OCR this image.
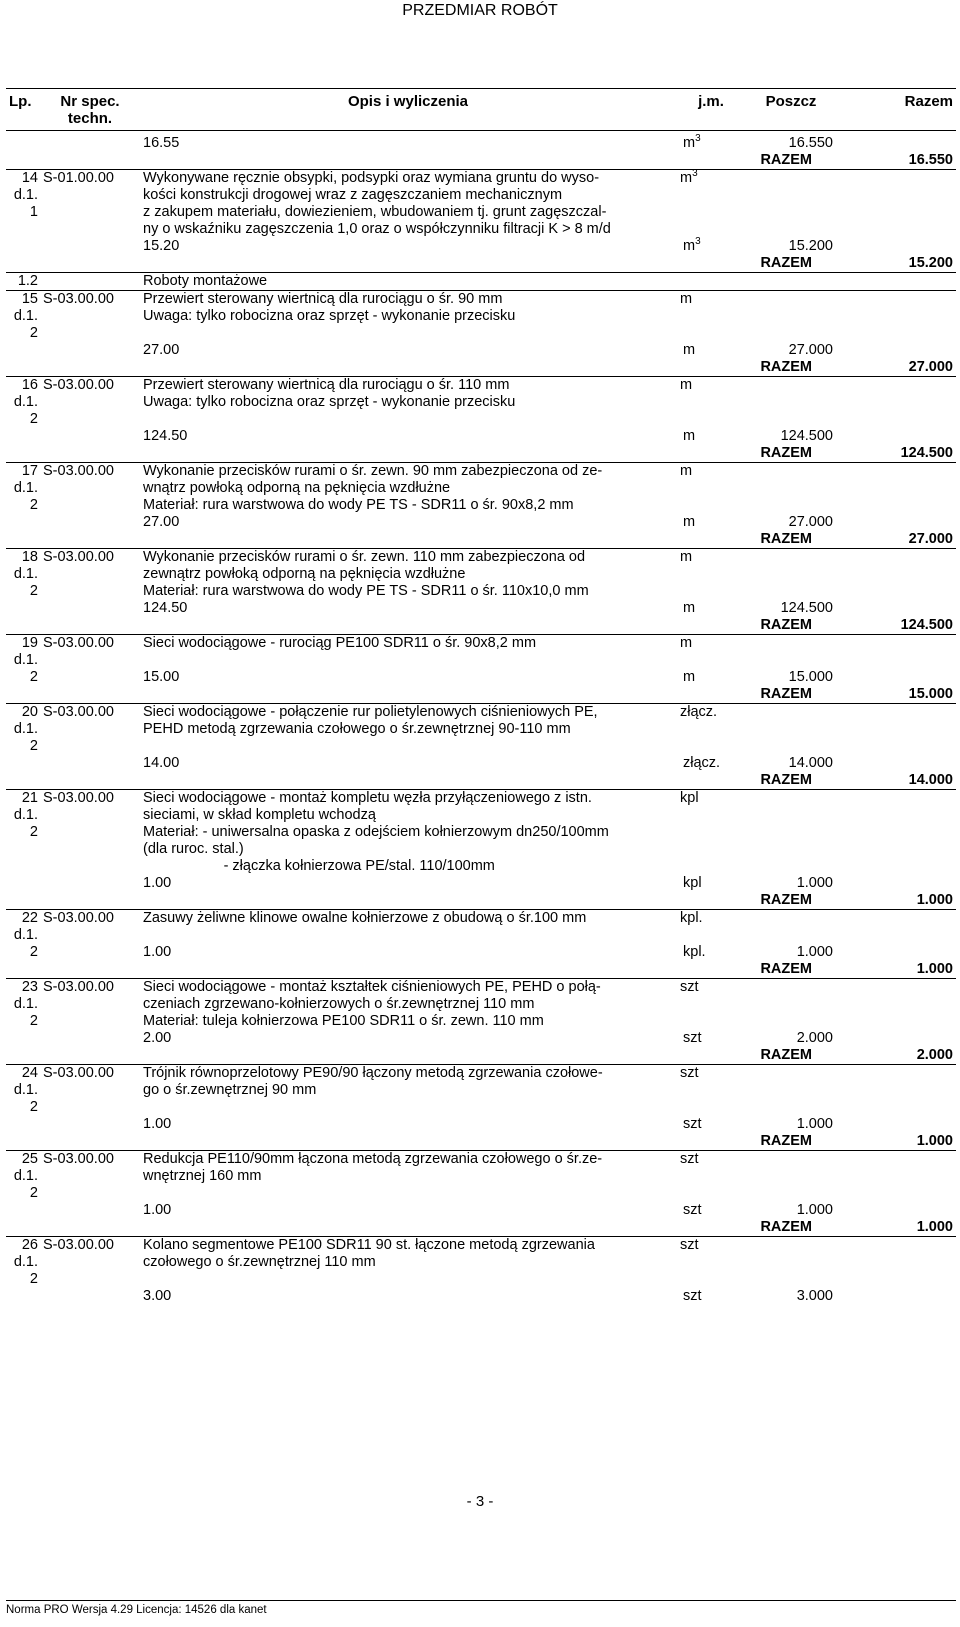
PRZEDMIAR ROBÓT
Lp.	Nr spec. techn.	Opis i wyliczenia	j.m.	Poszcz	Razem

		16.55 $m^3$		16.550	
			RAZEM		16.550
14
d.1.
1	S-01.00.00	Wykonywane ręcznie obsypki, podsypki oraz wymiana gruntu do wyso-	$m^3$		
		kości konstrukcji drogowej wraz z zagęszczaniem mechanicznym			
		z zakupem materiału, dowiezieniem, wbudowaniem tj. grunt zagęszczal-			
		ny o wskaźniku zagęszczenia 1,0 oraz o współczynniku filtracji K > 8 m/d			

		15.20 $m^3$		15.200	
			RAZEM		15.200
1.2		Roboty montażowe			
15
d.1.
2	S-03.00.00	Przewiert sterowany wiertnicą dla rurociągu o śr. 90 mm	m		
		Uwaga: tylko robocizna oraz sprzęt - wykonanie przecisku			

		27.00 m		27.000	
			RAZEM		27.000
16
d.1.
2	S-03.00.00	Przewiert sterowany wiertnicą dla rurociągu o śr. 110 mm	m		
		Uwaga: tylko robocizna oraz sprzęt - wykonanie przecisku			

		124.50 m		124.500	
			RAZEM		124.500
17
d.1.
2	S-03.00.00	Wykonanie przecisków rurami o śr. zewn. 90 mm zabezpieczona od ze-	m		
		wnątrz powłoką odporną na pęknięcia wzdłużne			
		Materiał: rura warstwowa do wody PE TS - SDR11 o śr. 90x8,2 mm			

		27.00 m		27.000	
			RAZEM		27.000
18
d.1.
2	S-03.00.00	Wykonanie przecisków rurami o śr. zewn. 110 mm zabezpieczona od	m		
		zewnątrz powłoką odporną na pęknięcia wzdłużne			
		Materiał: rura warstwowa do wody PE TS - SDR11 o śr. 110x10,0 mm			

		124.50 m		124.500	
			RAZEM		124.500
19
d.1.
2	S-03.00.00	Sieci wodociągowe - rurociąg PE100 SDR11 o śr. 90x8,2 mm	m		

		15.00 m		15.000	
			RAZEM		15.000
20
d.1.
2	S-03.00.00	Sieci wodociągowe - połączenie rur polietylenowych ciśnieniowych PE,	złącz.		
		PEHD metodą zgrzewania czołowego o śr.zewnętrznej 90-110 mm			

		14.00 złącz.		14.000	
			RAZEM		14.000
21
d.1.
2	S-03.00.00	Sieci wodociągowe - montaż kompletu węzła przyłączeniowego z istn.	kpl		
		sieciami, w skład kompletu wchodzą			
		Materiał: - uniwersalna opaska z odejściem kołnierzowym dn250/100mm			
		(dla ruroc. stal.)			
		- złączka kołnierzowa PE/stal. 110/100mm			

		1.00 kpl		1.000	
			RAZEM		1.000
22
d.1.
2	S-03.00.00	Zasuwy żeliwne klinowe owalne kołnierzowe z obudową o śr.100 mm	kpl.		

		1.00 kpl.		1.000	
			RAZEM		1.000
23
d.1.
2	S-03.00.00	Sieci wodociągowe - montaż kształtek ciśnieniowych PE, PEHD o połą-	szt		
		czeniach zgrzewano-kołnierzowych o śr.zewnętrznej 110 mm			
		Materiał: tuleja kołnierzowa PE100 SDR11 o śr. zewn. 110 mm			

		2.00 szt		2.000	
			RAZEM		2.000
24
d.1.
2	S-03.00.00	Trójnik równoprzelotowy PE90/90 łączony metodą zgrzewania czołowe-	szt		
		go o śr.zewnętrznej 90 mm			

		1.00 szt		1.000	
			RAZEM		1.000
25
d.1.
2	S-03.00.00	Redukcja PE110/90mm łączona metodą zgrzewania czołowego o śr.ze-	szt		
		wnętrznej 160 mm			

		1.00 szt		1.000	
			RAZEM		1.000
26
d.1.
2	S-03.00.00	Kolano segmentowe PE100 SDR11 90 st. łączone metodą zgrzewania	szt		
		czołowego o śr.zewnętrznej 110 mm			

		3.00 szt		3.000	
- 3 -
Norma PRO Wersja 4.29 Licencja: 14526 dla kanet
